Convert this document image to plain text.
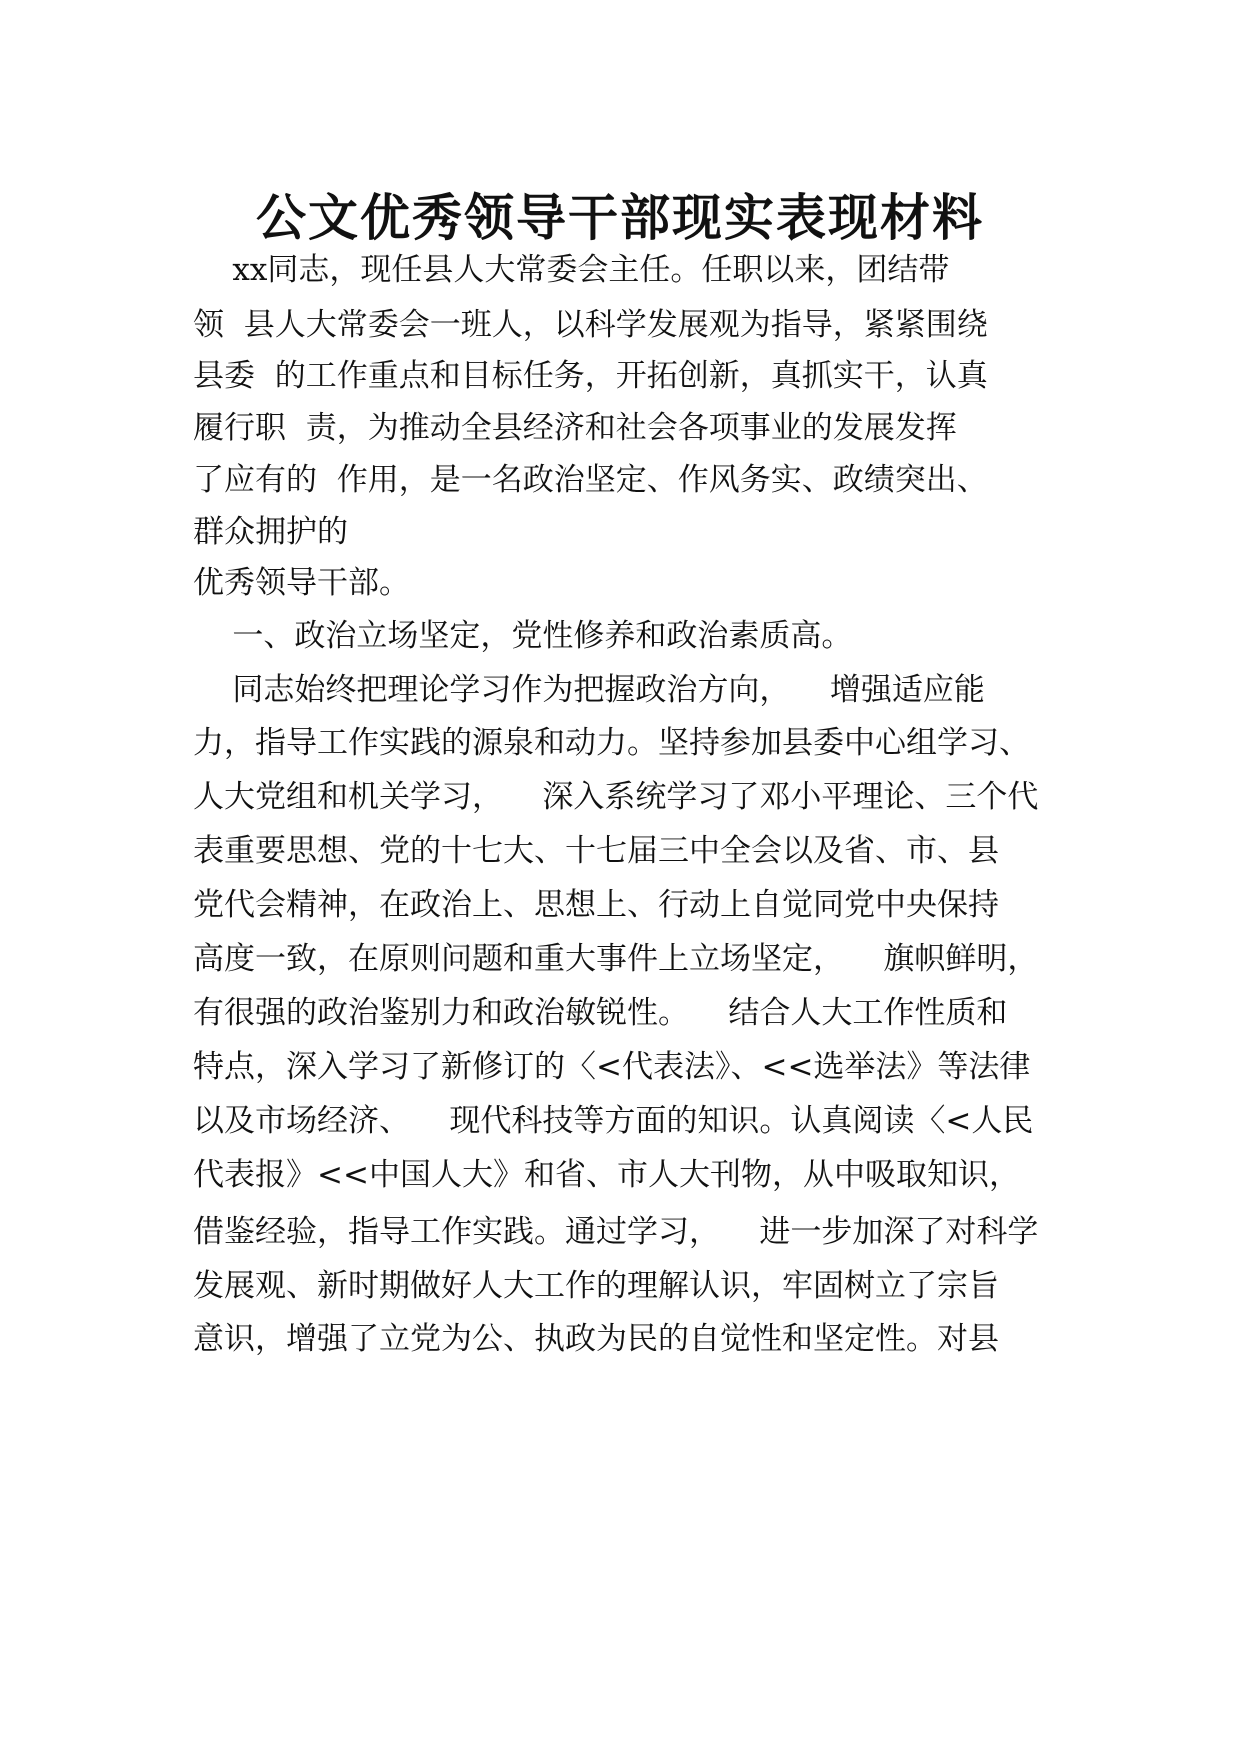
公文优秀领导干部现实表现材料

xx同志，现任县人大常委会主任。任职以来，团结带

领  县人大常委会一班人，以科学发展观为指导，紧紧围绕

县委  的工作重点和目标任务，开拓创新，真抓实干，认真

履行职  责，为推动全县经济和社会各项事业的发展发挥

了应有的  作用，是一名政治坚定、作风务实、政绩突出、

群众拥护的

优秀领导干部。

一、政治立场坚定，党性修养和政治素质高。

同志始终把理论学习作为把握政治方向，    增强适应能

力，指导工作实践的源泉和动力。坚持参加县委中心组学习、

人大党组和机关学习，    深入系统学习了邓小平理论、三个代

表重要思想、党的十七大、十七届三中全会以及省、市、县

党代会精神，在政治上、思想上、行动上自觉同党中央保持

高度一致，在原则问题和重大事件上立场坚定，    旗帜鲜明，

有很强的政治鉴别力和政治敏锐性。    结合人大工作性质和

特点，深入学习了新修订的〈<代表法》、<<选举法》等法律

以及市场经济、    现代科技等方面的知识。认真阅读〈<人民

代表报》<<中国人大》和省、市人大刊物，从中吸取知识，

借鉴经验，指导工作实践。通过学习，    进一步加深了对科学

发展观、新时期做好人大工作的理解认识，牢固树立了宗旨

意识，增强了立党为公、执政为民的自觉性和坚定性。对县
